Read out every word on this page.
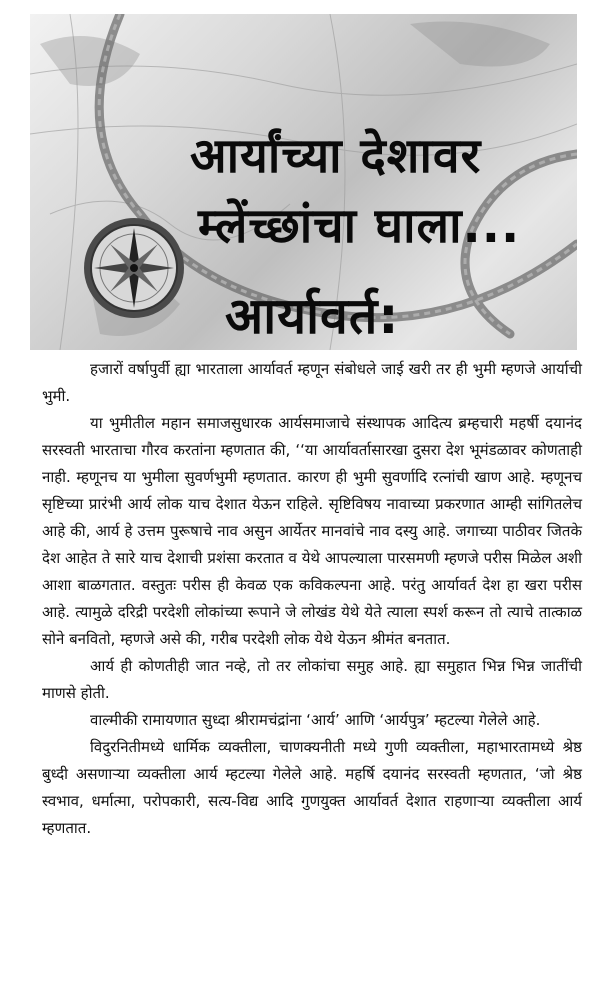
आर्यांच्या देशावर
म्लेंच्छांचा घाला...
आर्यावर्त:

हजारों वर्षापुर्वी ह्या भारताला आर्यावर्त म्हणून संबोधले जाई खरी तर ही भुमी म्हणजे आर्याची भुमी.

या भुमीतील महान समाजसुधारक आर्यसमाजाचे संस्थापक आदित्य ब्रम्हचारी महर्षी दयानंद सरस्वती भारताचा गौरव करतांना म्हणतात की, ‘‘या आर्यावर्तासारखा दुसरा देश भूमंडळावर कोणताही नाही. म्हणूनच या भुमीला सुवर्णभुमी म्हणतात. कारण ही भुमी सुवर्णादि रत्नांची खाण आहे. म्हणूनच सृष्टिच्या प्रारंभी आर्य लोक याच देशात येऊन राहिले. सृष्टिविषय नावाच्या प्रकरणात आम्ही सांगितलेच आहे की, आर्य हे उत्तम पुरूषाचे नाव असुन आर्येतर मानवांचे नाव दस्यु आहे. जगाच्या पाठीवर जितके देश आहेत ते सारे याच देशाची प्रशंसा करतात व येथे आपल्याला पारसमणी म्हणजे परीस मिळेल अशी आशा बाळगतात. वस्तुतः परीस ही केवळ एक कविकल्पना आहे. परंतु आर्यावर्त देश हा खरा परीस आहे. त्यामुळे दरिद्री परदेशी लोकांच्या रूपाने जे लोखंड येथे येते त्याला स्पर्श करून तो त्याचे तात्काळ सोने बनवितो, म्हणजे असे की, गरीब परदेशी लोक येथे येऊन श्रीमंत बनतात.

आर्य ही कोणतीही जात नव्हे, तो तर लोकांचा समुह आहे. ह्या समुहात भिन्न भिन्न जातींची माणसे होती.

वाल्मीकी रामायणात सुध्दा श्रीरामचंद्रांना ‘आर्य’ आणि ‘आर्यपुत्र’ म्हटल्या गेलेले आहे.

विदुरनितीमध्ये धार्मिक व्यक्तीला, चाणक्यनीती मध्ये गुणी व्यक्तीला, महाभारतामध्ये श्रेष्ठ बुध्दी असणाऱ्या व्यक्तीला आर्य म्हटल्या गेलेले आहे. महर्षि दयानंद सरस्वती म्हणतात, ‘जो श्रेष्ठ स्वभाव, धर्मात्मा, परोपकारी, सत्य-विद्य आदि गुणयुक्त आर्यावर्त देशात राहणाऱ्या व्यक्तीला आर्य म्हणतात.
